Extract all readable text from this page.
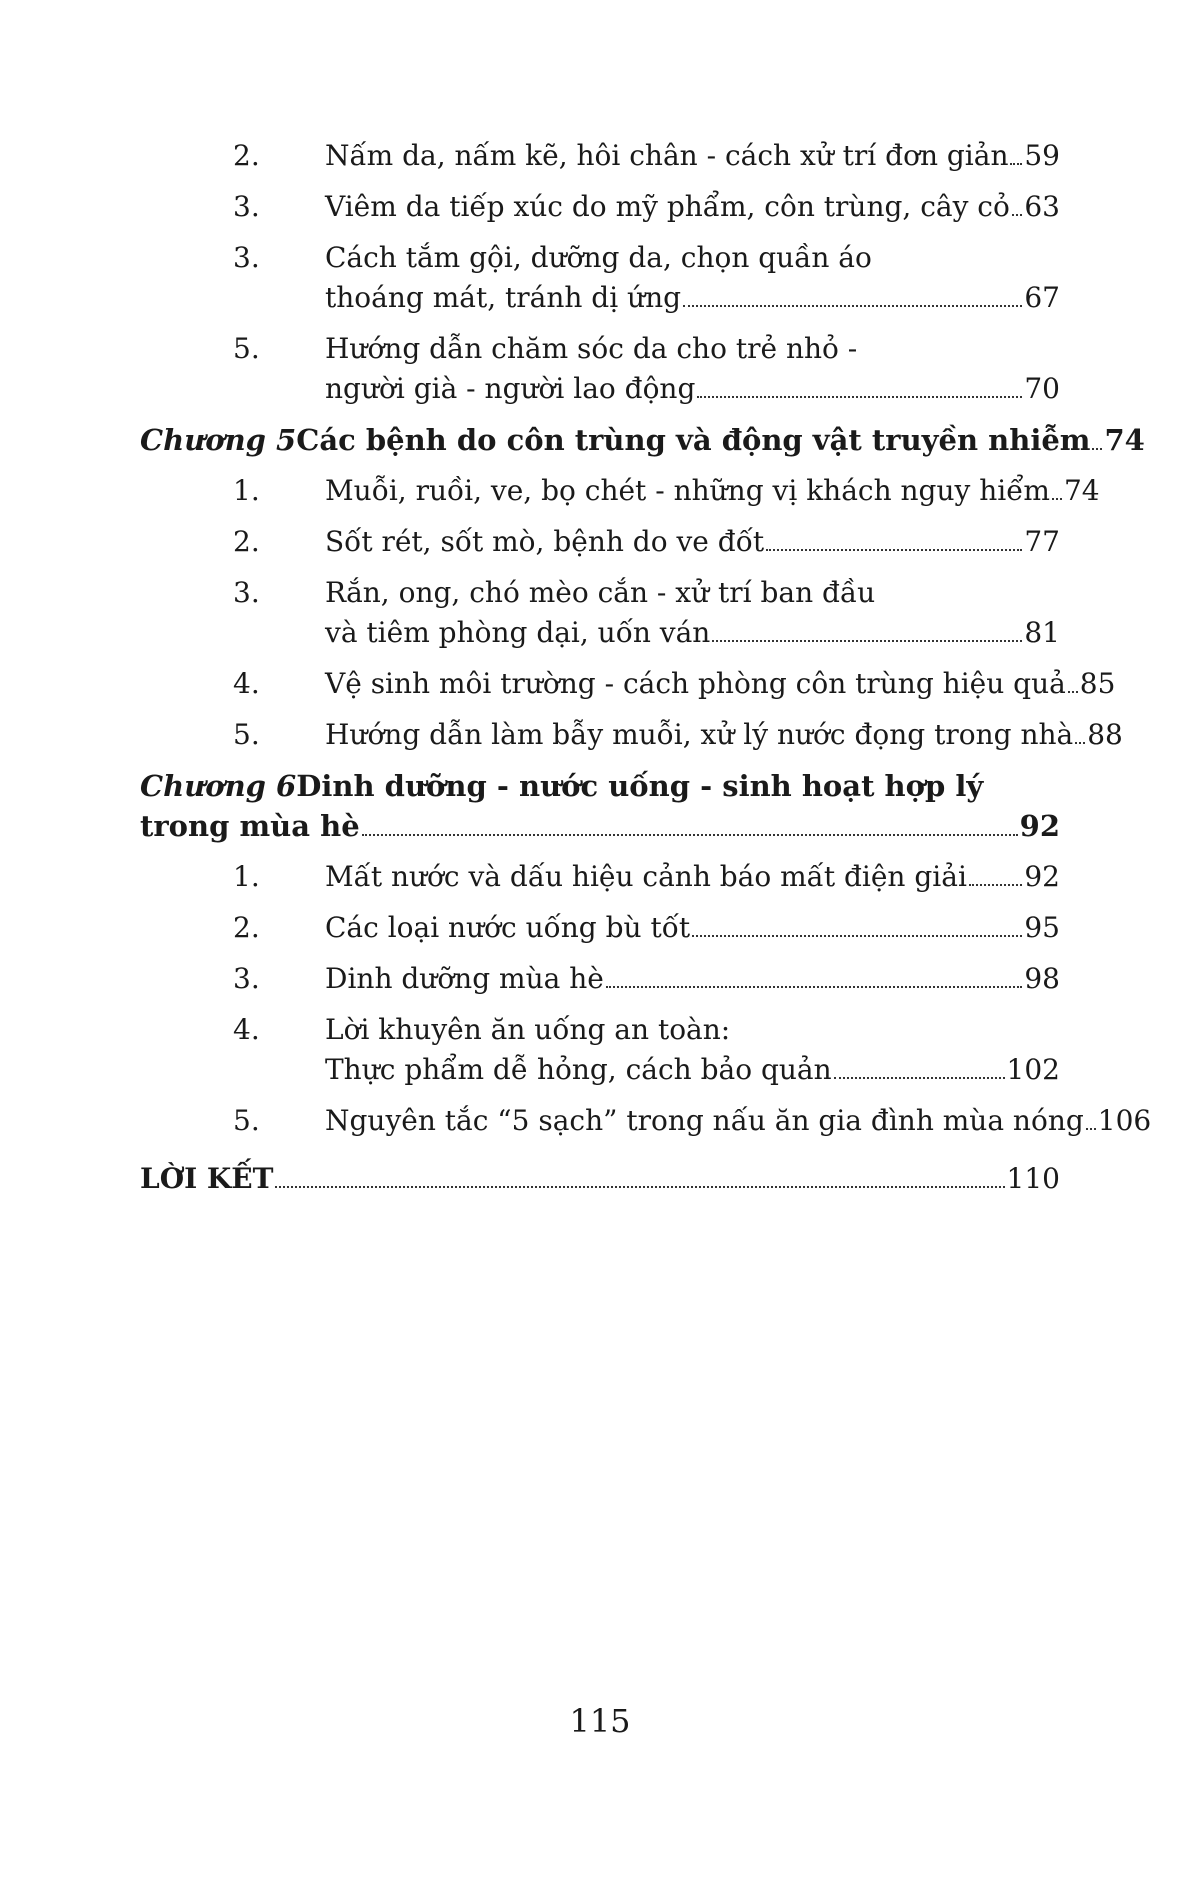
2.	Nấm da, nấm kẽ, hôi chân - cách xử trí đơn giản 59
3.	Viêm da tiếp xúc do mỹ phẩm, côn trùng, cây cỏ 63
3.	Cách tắm gội, dưỡng da, chọn quần áo
thoáng mát, tránh dị ứng	67
5.	Hướng dẫn chăm sóc da cho trẻ nhỏ -
người già - người lao động	70
Chương 5 Các bệnh do côn trùng và động vật truyền nhiễm 74
1.	Muỗi, ruồi, ve, bọ chét - những vị khách nguy hiểm 74
2.	Sốt rét, sốt mò, bệnh do ve đốt	77
3.	Rắn, ong, chó mèo cắn - xử trí ban đầu
và tiêm phòng dại, uốn ván	81
4.	Vệ sinh môi trường - cách phòng côn trùng hiệu quả 85
5.	Hướng dẫn làm bẫy muỗi, xử lý nước đọng trong nhà 88
Chương 6 Dinh dưỡng - nước uống - sinh hoạt hợp lý
trong mùa hè	92
1.	Mất nước và dấu hiệu cảnh báo mất điện giải 92
2.	Các loại nước uống bù tốt	95
3.	Dinh dưỡng mùa hè	98
4.	Lời khuyên ăn uống an toàn:
Thực phẩm dễ hỏng, cách bảo quản	102
5.	Nguyên tắc “5 sạch” trong nấu ăn gia đình mùa nóng 106
LỜI KẾT	110
115
